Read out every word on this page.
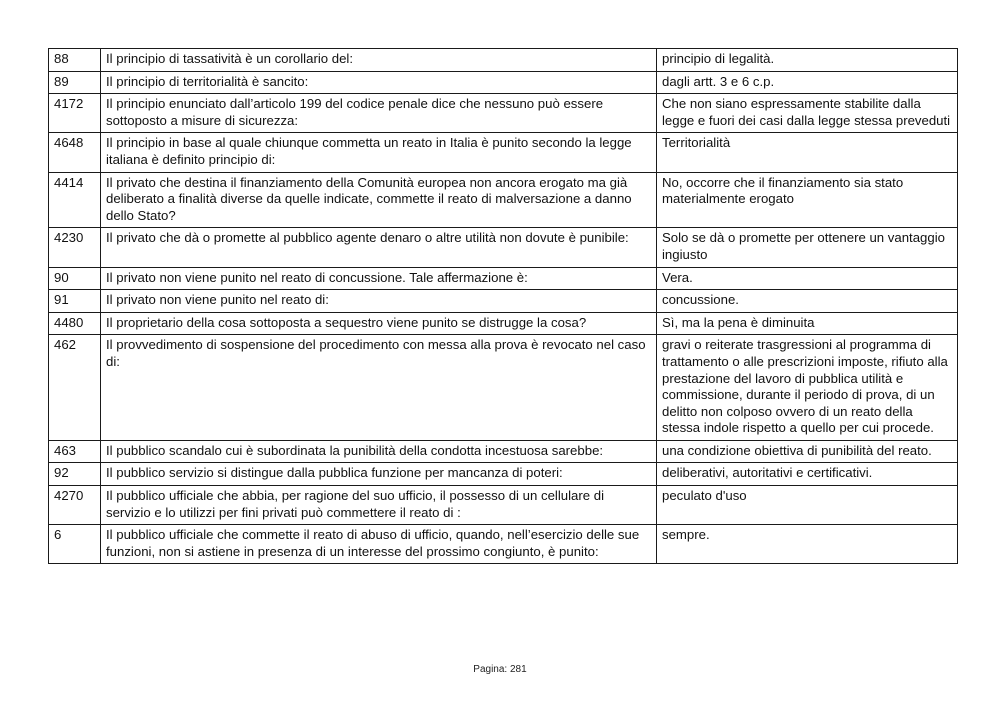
88	Il principio di tassatività è un corollario del:	principio di legalità.
89	Il principio di territorialità è sancito:	dagli artt. 3 e 6 c.p.
4172	Il principio enunciato dall’articolo 199 del codice penale dice che nessuno può essere sottoposto a misure di sicurezza:	Che non siano espressamente stabilite dalla legge e fuori dei casi dalla legge stessa preveduti
4648	Il principio in base al quale chiunque commetta un reato in Italia è punito secondo la legge italiana è definito principio di:	Territorialità
4414	Il privato che destina il finanziamento della Comunità europea non ancora erogato ma già deliberato a finalità diverse da quelle indicate, commette il reato di malversazione a danno dello Stato?	No, occorre che il finanziamento sia stato materialmente erogato
4230	Il privato che dà o promette al pubblico agente denaro o altre utilità non dovute è punibile:	Solo se dà o promette per ottenere un vantaggio ingiusto
90	Il privato non viene punito nel reato di concussione. Tale affermazione è:	Vera.
91	Il privato non viene punito nel reato di:	concussione.
4480	Il proprietario della cosa sottoposta a sequestro viene punito se distrugge la cosa?	Sì, ma la pena è diminuita
462	Il provvedimento di sospensione del procedimento con messa alla prova è revocato nel caso di:	gravi o reiterate trasgressioni al programma di trattamento o alle prescrizioni imposte, rifiuto alla prestazione del lavoro di pubblica utilità e commissione, durante il periodo di prova, di un delitto non colposo ovvero di un reato della stessa indole rispetto a quello per cui procede.
463	Il pubblico scandalo cui è subordinata la punibilità della condotta incestuosa sarebbe:	una condizione obiettiva di punibilità del reato.
92	Il pubblico servizio si distingue dalla pubblica funzione per mancanza di poteri:	deliberativi, autoritativi e certificativi.
4270	Il pubblico ufficiale che abbia, per ragione del suo ufficio, il possesso di un cellulare di servizio e lo utilizzi per fini privati può commettere il reato di :	peculato d'uso
6	Il pubblico ufficiale che commette il reato di abuso di ufficio, quando, nell’esercizio delle sue funzioni, non si astiene in presenza di un interesse del prossimo congiunto, è punito:	sempre.
Pagina: 281
